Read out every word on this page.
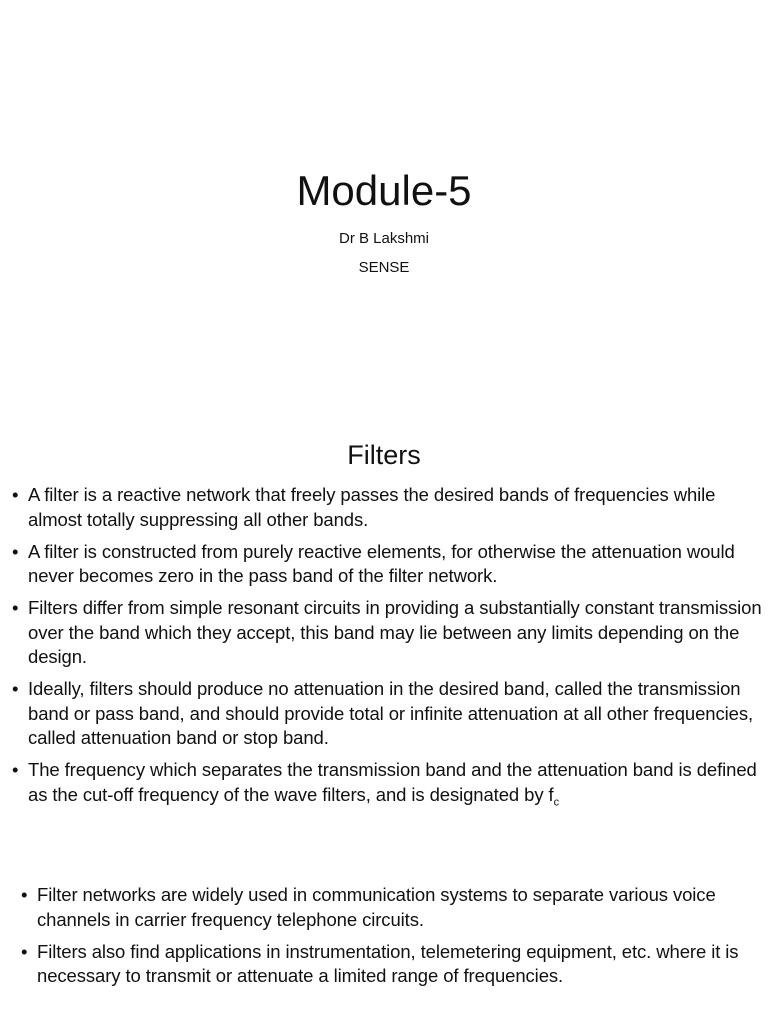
Module-5

Dr B Lakshmi

SENSE

Filters
• A filter is a reactive network that freely passes the desired bands of frequencies while almost totally suppressing all other bands.
• A filter is constructed from purely reactive elements, for otherwise the attenuation would never becomes zero in the pass band of the filter network.
• Filters differ from simple resonant circuits in providing a substantially constant transmission over the band which they accept, this band may lie between any limits depending on the design.
• Ideally, filters should produce no attenuation in the desired band, called the transmission band or pass band, and should provide total or infinite attenuation at all other frequencies, called attenuation band or stop band.
• The frequency which separates the transmission band and the attenuation band is defined as the cut-off frequency of the wave filters, and is designated by $f_c$
• Filter networks are widely used in communication systems to separate various voice channels in carrier frequency telephone circuits.
• Filters also find applications in instrumentation, telemetering equipment, etc. where it is necessary to transmit or attenuate a limited range of frequencies.
